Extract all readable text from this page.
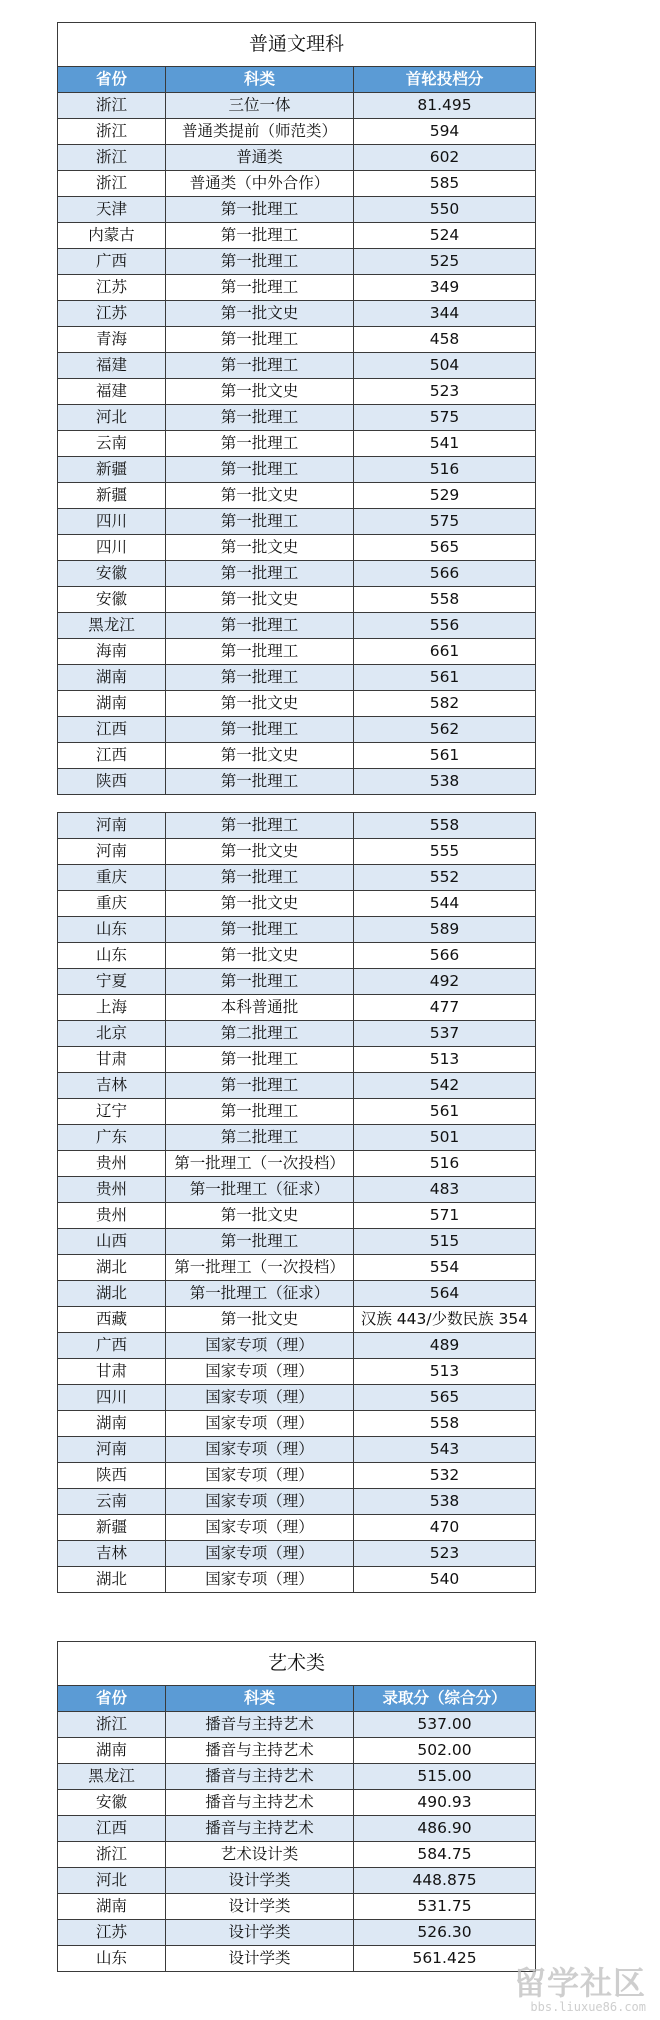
普通文理科		
省份	科类	首轮投档分
浙江	三位一体	81.495
浙江	普通类提前（师范类）	594
浙江	普通类	602
浙江	普通类（中外合作）	585
天津	第一批理工	550
内蒙古	第一批理工	524
广西	第一批理工	525
江苏	第一批理工	349
江苏	第一批文史	344
青海	第一批理工	458
福建	第一批理工	504
福建	第一批文史	523
河北	第一批理工	575
云南	第一批理工	541
新疆	第一批理工	516
新疆	第一批文史	529
四川	第一批理工	575
四川	第一批文史	565
安徽	第一批理工	566
安徽	第一批文史	558
黑龙江	第一批理工	556
海南	第一批理工	661
湖南	第一批理工	561
湖南	第一批文史	582
江西	第一批理工	562
江西	第一批文史	561
陕西	第一批理工	538
河南	第一批理工	558
河南	第一批文史	555
重庆	第一批理工	552
重庆	第一批文史	544
山东	第一批理工	589
山东	第一批文史	566
宁夏	第一批理工	492
上海	本科普通批	477
北京	第二批理工	537
甘肃	第一批理工	513
吉林	第一批理工	542
辽宁	第一批理工	561
广东	第二批理工	501
贵州	第一批理工（一次投档）	516
贵州	第一批理工（征求）	483
贵州	第一批文史	571
山西	第一批理工	515
湖北	第一批理工（一次投档）	554
湖北	第一批理工（征求）	564
西藏	第一批文史	汉族 443/少数民族 354
广西	国家专项（理）	489
甘肃	国家专项（理）	513
四川	国家专项（理）	565
湖南	国家专项（理）	558
河南	国家专项（理）	543
陕西	国家专项（理）	532
云南	国家专项（理）	538
新疆	国家专项（理）	470
吉林	国家专项（理）	523
湖北	国家专项（理）	540
艺术类		
省份	科类	录取分（综合分）
浙江	播音与主持艺术	537.00
湖南	播音与主持艺术	502.00
黑龙江	播音与主持艺术	515.00
安徽	播音与主持艺术	490.93
江西	播音与主持艺术	486.90
浙江	艺术设计类	584.75
河北	设计学类	448.875
湖南	设计学类	531.75
江苏	设计学类	526.30
山东	设计学类	561.425
留学社区
bbs.liuxue86.com
